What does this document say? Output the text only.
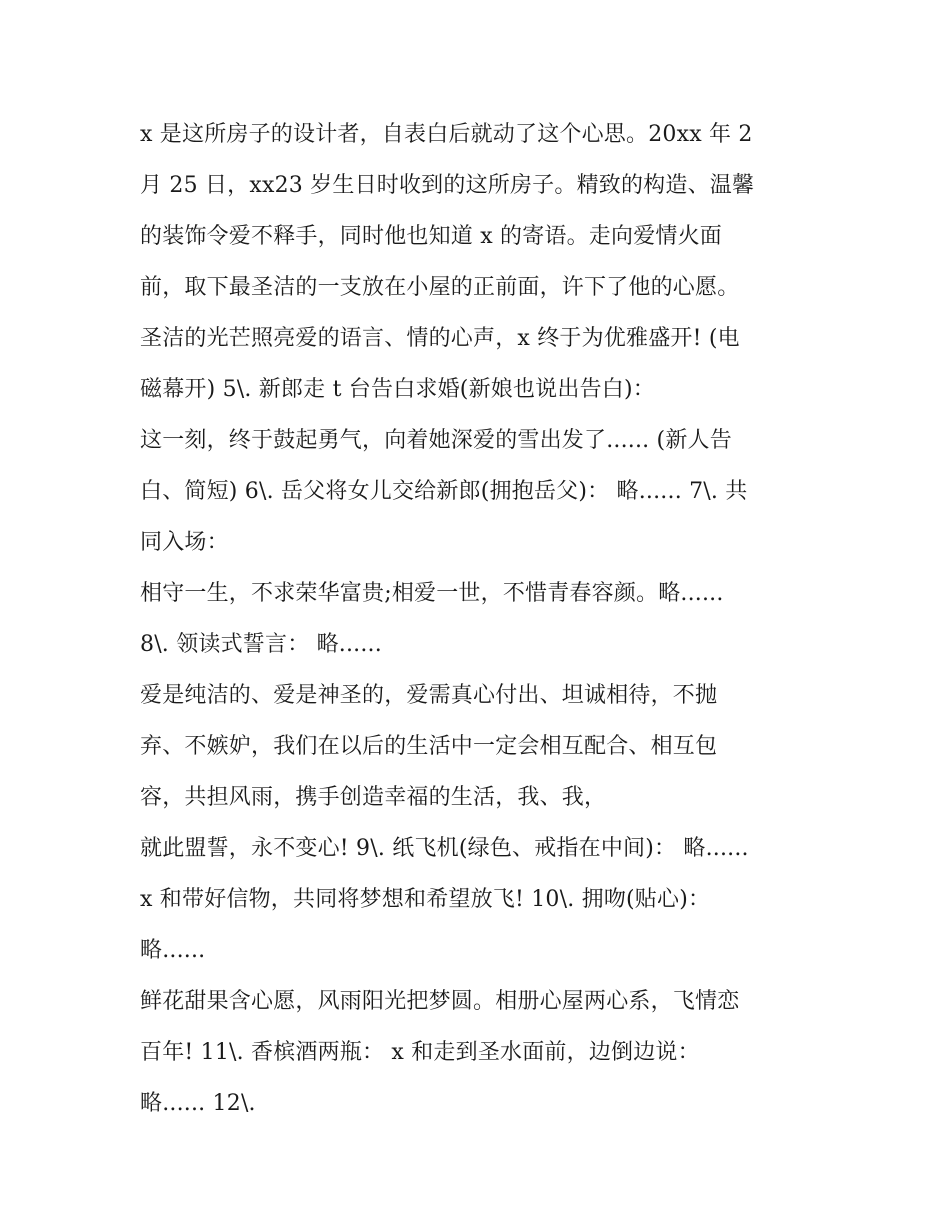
x 是这所房子的设计者，自表白后就动了这个心思。20xx 年 2
月 25 日，xx23 岁生日时收到的这所房子。精致的构造、温馨
的装饰令爱不释手，同时他也知道 x 的寄语。走向爱情火面
前，取下最圣洁的一支放在小屋的正前面，许下了他的心愿。
圣洁的光芒照亮爱的语言、情的心声，x 终于为优雅盛开! (电
磁幕开) 5\. 新郎走 t 台告白求婚(新娘也说出告白)：
这一刻，终于鼓起勇气，向着她深爱的雪出发了...... (新人告
白、简短) 6\. 岳父将女儿交给新郎(拥抱岳父)： 略...... 7\. 共
同入场：
相守一生，不求荣华富贵;相爱一世，不惜青春容颜。略......
8\. 领读式誓言： 略......
爱是纯洁的、爱是神圣的，爱需真心付出、坦诚相待，不抛
弃、不嫉妒，我们在以后的生活中一定会相互配合、相互包
容，共担风雨，携手创造幸福的生活，我、我，
就此盟誓，永不变心! 9\. 纸飞机(绿色、戒指在中间)： 略......
x 和带好信物，共同将梦想和希望放飞! 10\. 拥吻(贴心)：
略......
鲜花甜果含心愿，风雨阳光把梦圆。相册心屋两心系，飞情恋
百年! 11\. 香槟酒两瓶： x 和走到圣水面前，边倒边说：
略...... 12\.
